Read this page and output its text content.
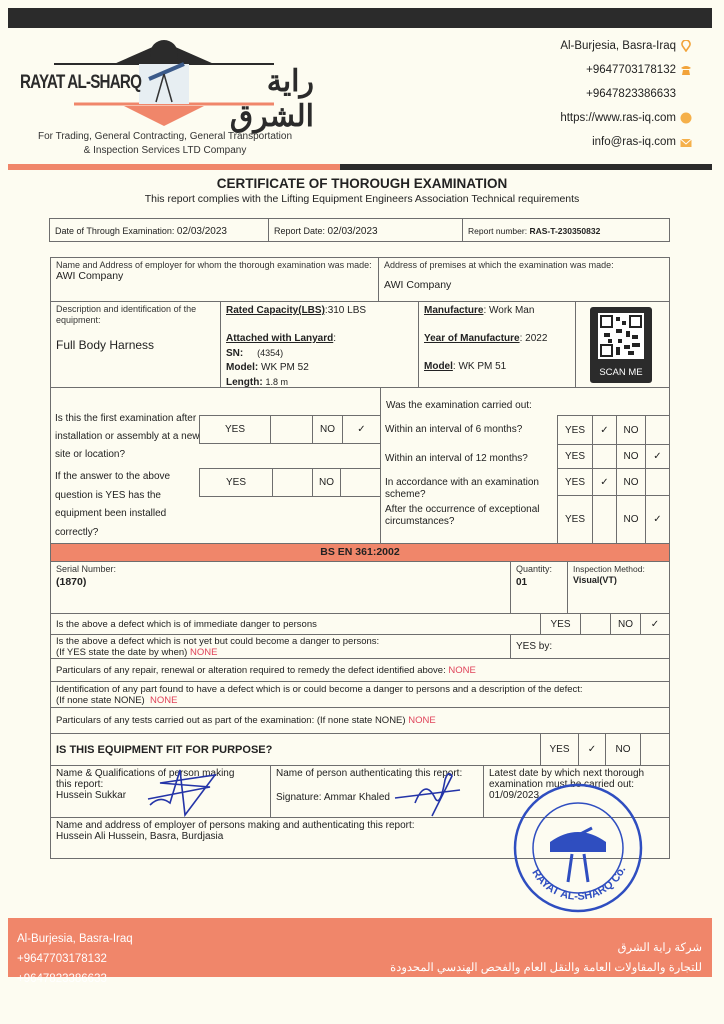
RAYAT AL-SHARQ	راية الشرق
For Trading, General Contracting, General Transportation
& Inspection Services LTD Company
Al-Burjesia, Basra-Iraq
+9647703178132
+9647823386633
https://www.ras-iq.com
info@ras-iq.com
CERTIFICATE OF THOROUGH EXAMINATION
This report complies with the Lifting Equipment Engineers Association Technical requirements
Date of Through Examination: 02/03/2023	Report Date: 02/03/2023	Report number: RAS-T-230350832
Name and Address of employer for whom the thorough examination was made:
AWI Company
Address of premises at which the examination was made:
AWI Company
Description and identification of the equipment:
Full Body Harness
Rated Capacity(LBS):310 LBS
Attached with Lanyard:
SN: (4354)
Model: WK PM 52
Length: 1.8 m
Manufacture: Work Man
Year of Manufacture: 2022
Model: WK PM 51
SCAN ME
Is this the first examination after installation or assembly at a new site or location?
If the answer to the above question is YES has the equipment been installed correctly?
YES	NO	✓
YES	NO
Was the examination carried out:
Within an interval of 6 months?	YES	✓	NO
Within an interval of 12 months?	YES	NO	✓
In accordance with an examination scheme?
YES	✓	NO
After the occurrence of exceptional circumstances?	YES	NO	✓
BS EN 361:2002
Serial Number:
(1870)
Quantity:
01
Inspection Method:
Visual(VT)
Is the above a defect which is of immediate danger to persons	YES	NO	✓
Is the above a defect which is not yet but could become a danger to persons:
(If YES state the date by when) NONE
YES by:
Particulars of any repair, renewal or alteration required to remedy the defect identified above: NONE
Identification of any part found to have a defect which is or could become a danger to persons and a description of the defect:
(If none state NONE) NONE
Particulars of any tests carried out as part of the examination: (If none state NONE) NONE
IS THIS EQUIPMENT FIT FOR PURPOSE?	YES	✓	NO
Name & Qualifications of person making this report:
Hussein Sukkar
Name of person authenticating this report:
Signature: Ammar Khaled
Latest date by which next thorough examination must be carried out:
01/09/2023
Name and address of employer of persons making and authenticating this report:
Hussein Ali Hussein, Basra, Burdjasia
RAYAT AL-SHARQ Co.
Al-Burjesia, Basra-Iraq
+9647703178132
+9647823386633
شركة راية الشرق
للتجارة والمقاولات العامة والنقل العام والفحص الهندسي المحدودة
